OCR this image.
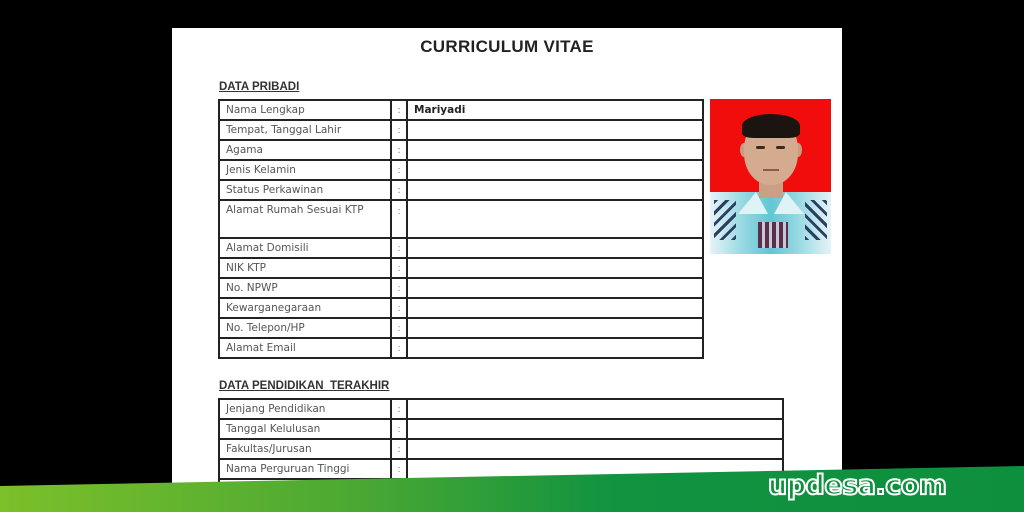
CURRICULUM VITAE
DATA PRIBADI
Nama Lengkap	:	Mariyadi
Tempat, Tanggal Lahir	:	
Agama	:	
Jenis Kelamin	:	
Status Perkawinan	:	
Alamat Rumah Sesuai KTP	:	
Alamat Domisili	:	
NIK KTP	:	
No. NPWP	:	
Kewarganegaraan	:	
No. Telepon/HP	:	
Alamat Email	:	
DATA PENDIDIKAN  TERAKHIR
Jenjang Pendidikan	:	
Tanggal Kelulusan	:	
Fakultas/Jurusan	:	
Nama Perguruan Tinggi	:	

updesa.com
